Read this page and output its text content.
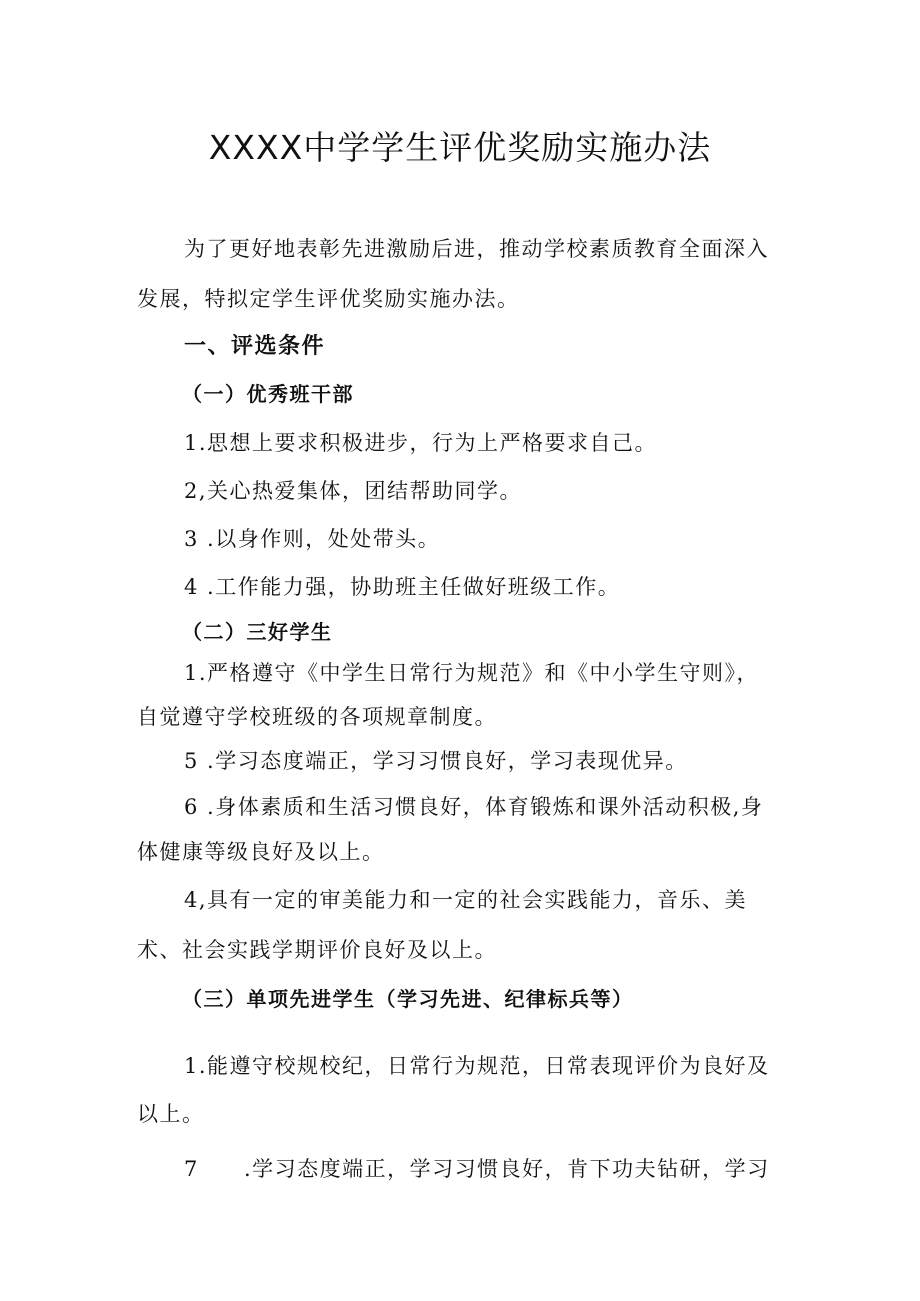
XXXX中学学生评优奖励实施办法
为了更好地表彰先进激励后进，推动学校素质教育全面深入
发展，特拟定学生评优奖励实施办法。
一、评选条件
（一）优秀班干部
1.思想上要求积极进步，行为上严格要求自己。
2,关心热爱集体，团结帮助同学。
3 .以身作则，处处带头。
4 .工作能力强，协助班主任做好班级工作。
（二）三好学生
1.严格遵守《中学生日常行为规范》和《中小学生守则》，
自觉遵守学校班级的各项规章制度。
5 .学习态度端正，学习习惯良好，学习表现优异。
6 .身体素质和生活习惯良好，体育锻炼和课外活动积极,身
体健康等级良好及以上。
4,具有一定的审美能力和一定的社会实践能力，音乐、美
术、社会实践学期评价良好及以上。
（三）单项先进学生（学习先进、纪律标兵等）
1.能遵守校规校纪，日常行为规范，日常表现评价为良好及
以上。
7 .学习态度端正，学习习惯良好，肯下功夫钻研，学习
